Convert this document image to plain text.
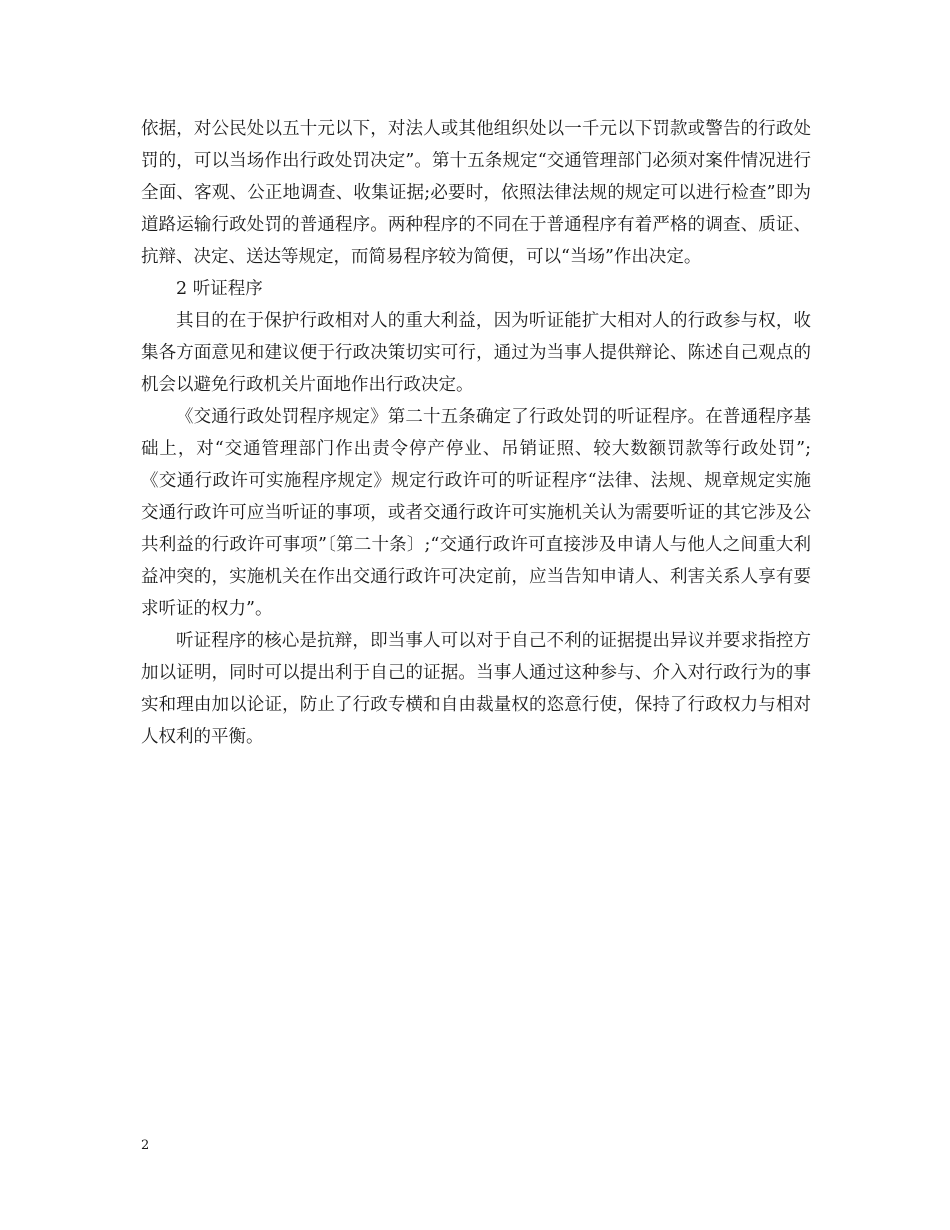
依据，对公民处以五十元以下，对法人或其他组织处以一千元以下罚款或警告的行政处罚的，可以当场作出行政处罚决定”。第十五条规定“交通管理部门必须对案件情况进行全面、客观、公正地调查、收集证据;必要时，依照法律法规的规定可以进行检查”即为道路运输行政处罚的普通程序。两种程序的不同在于普通程序有着严格的调查、质证、抗辩、决定、送达等规定，而简易程序较为简便，可以“当场”作出决定。

2 听证程序

其目的在于保护行政相对人的重大利益，因为听证能扩大相对人的行政参与权，收集各方面意见和建议便于行政决策切实可行，通过为当事人提供辩论、陈述自己观点的机会以避免行政机关片面地作出行政决定。

《交通行政处罚程序规定》第二十五条确定了行政处罚的听证程序。在普通程序基础上，对“交通管理部门作出责令停产停业、吊销证照、较大数额罚款等行政处罚”;《交通行政许可实施程序规定》规定行政许可的听证程序“法律、法规、规章规定实施交通行政许可应当听证的事项，或者交通行政许可实施机关认为需要听证的其它涉及公共利益的行政许可事项”〔第二十条〕;“交通行政许可直接涉及申请人与他人之间重大利益冲突的，实施机关在作出交通行政许可决定前，应当告知申请人、利害关系人享有要求听证的权力”。

听证程序的核心是抗辩，即当事人可以对于自己不利的证据提出异议并要求指控方加以证明，同时可以提出利于自己的证据。当事人通过这种参与、介入对行政行为的事实和理由加以论证，防止了行政专横和自由裁量权的恣意行使，保持了行政权力与相对人权利的平衡。

2
